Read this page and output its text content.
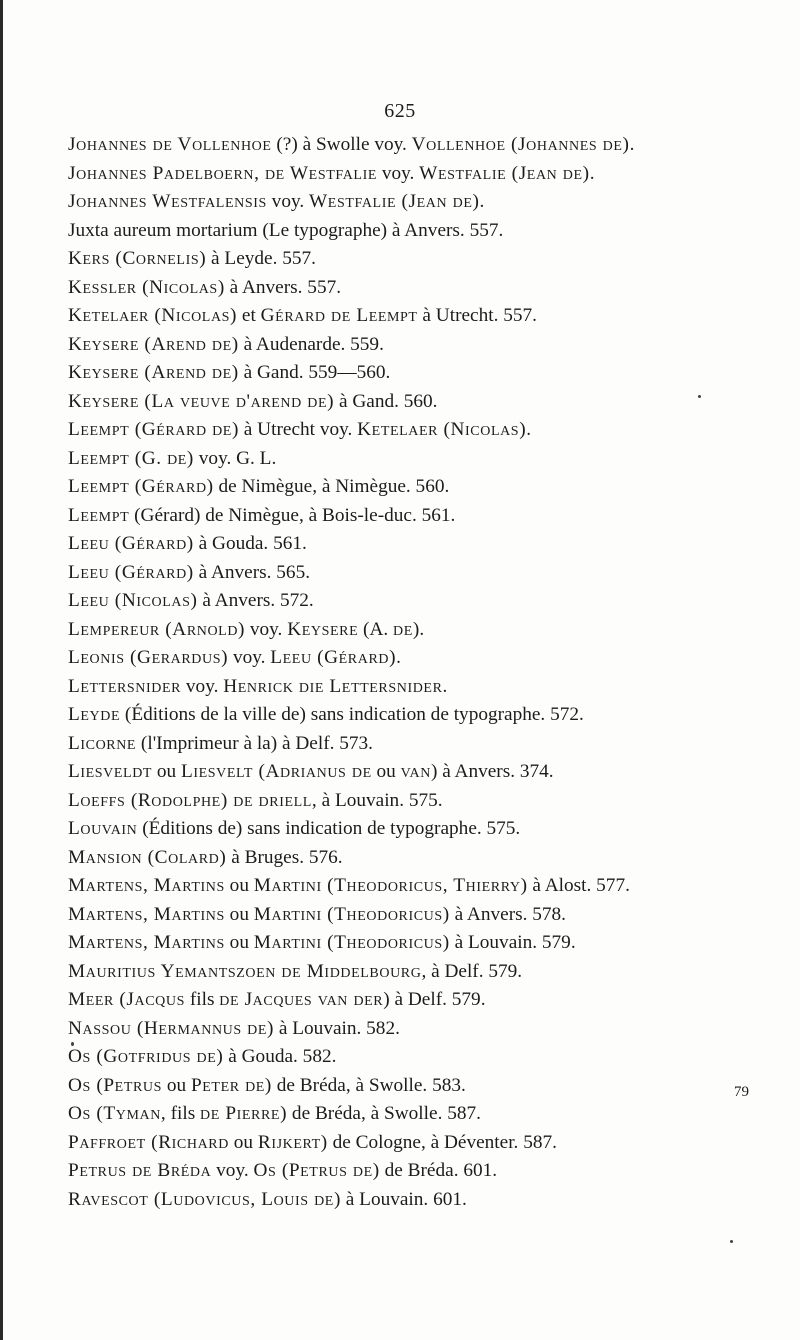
625

Johannes de Vollenhoe (?) à Swolle voy. Vollenhoe (Johannes de).

Johannes Padelboern, de Westfalie voy. Westfalie (Jean de).

Johannes Westfalensis voy. Westfalie (Jean de).

Juxta aureum mortarium (Le typographe) à Anvers. 557.

Kers (Cornelis) à Leyde. 557.

Kessler (Nicolas) à Anvers. 557.

Ketelaer (Nicolas) et Gérard de Leempt à Utrecht. 557.

Keysere (Arend de) à Audenarde. 559.

Keysere (Arend de) à Gand. 559—560.

Keysere (La veuve d'arend de) à Gand. 560.

Leempt (Gérard de) à Utrecht voy. Ketelaer (Nicolas).

Leempt (G. de) voy. G. L.

Leempt (Gérard) de Nimègue, à Nimègue. 560.

Leempt (Gérard) de Nimègue, à Bois-le-duc. 561.

Leeu (Gérard) à Gouda. 561.

Leeu (Gérard) à Anvers. 565.

Leeu (Nicolas) à Anvers. 572.

Lempereur (Arnold) voy. Keysere (A. de).

Leonis (Gerardus) voy. Leeu (Gérard).

Lettersnider voy. Henrick die Lettersnider.

Leyde (Éditions de la ville de) sans indication de typographe. 572.

Licorne (l'Imprimeur à la) à Delf. 573.

Liesveldt ou Liesvelt (Adrianus de ou van) à Anvers. 374.

Loeffs (Rodolphe) de driell, à Louvain. 575.

Louvain (Éditions de) sans indication de typographe. 575.

Mansion (Colard) à Bruges. 576.

Martens, Martins ou Martini (Theodoricus, Thierry) à Alost. 577.

Martens, Martins ou Martini (Theodoricus) à Anvers. 578.

Martens, Martins ou Martini (Theodoricus) à Louvain. 579.

Mauritius Yemantszoen de Middelbourg, à Delf. 579.

Meer (Jacqus fils de Jacques van der) à Delf. 579.

Nassou (Hermannus de) à Louvain. 582.

Os (Gotfridus de) à Gouda. 582.

Os (Petrus ou Peter de) de Bréda, à Swolle. 583.

Os (Tyman, fils de Pierre) de Bréda, à Swolle. 587.

Paffroet (Richard ou Rijkert) de Cologne, à Déventer. 587.

Petrus de Bréda voy. Os (Petrus de) de Bréda. 601.

Ravescot (Ludovicus, Louis de) à Louvain. 601.

79
